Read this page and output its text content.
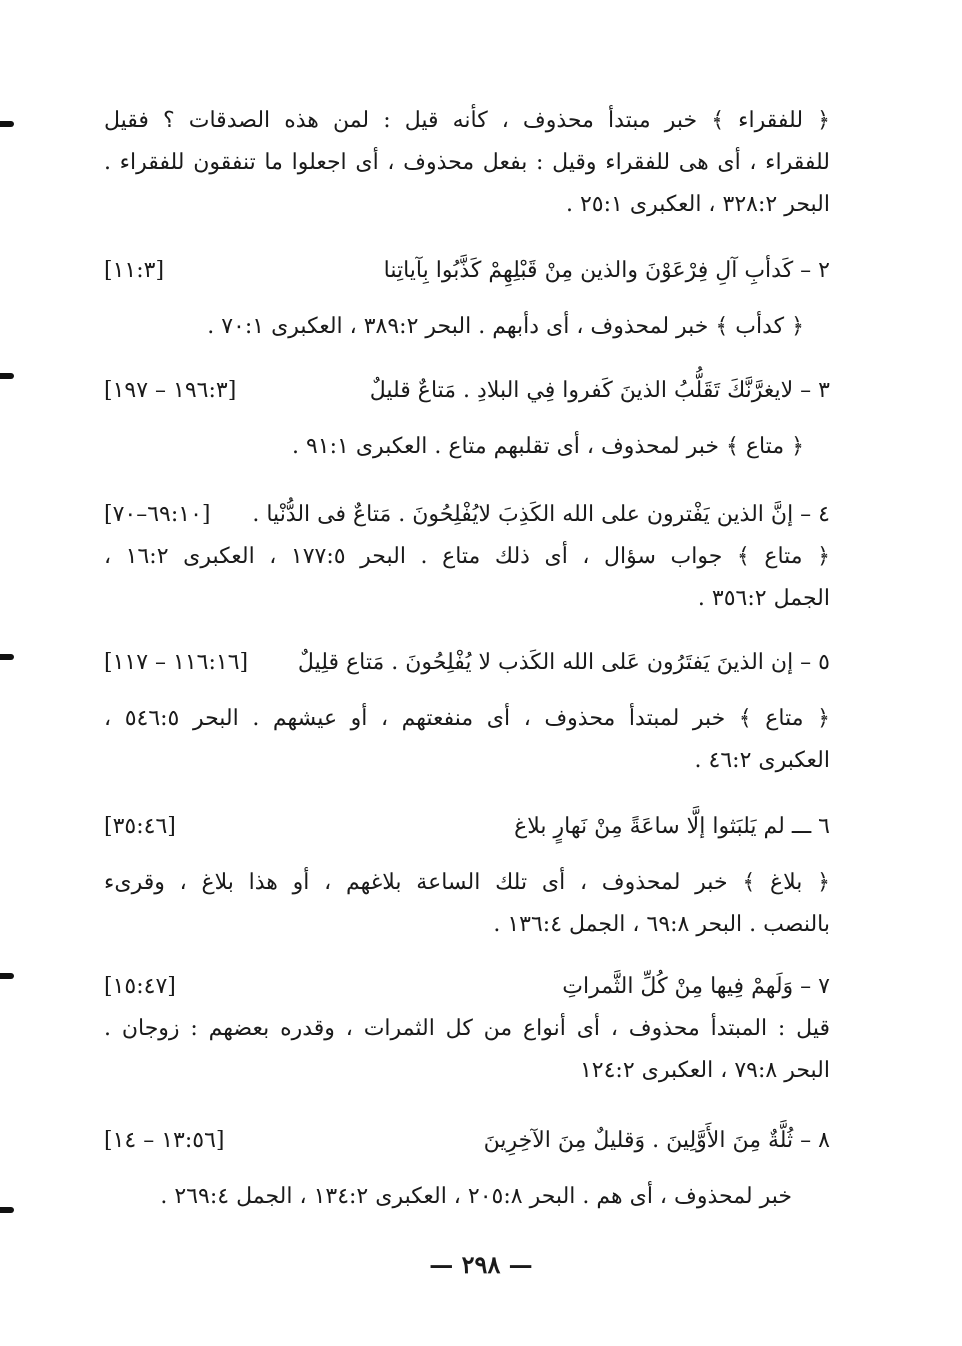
﴿ للفقراء ﴾ خبر مبتدأ محذوف ، كأنه قيل : لمن هذه الصدقات ؟ فقيل
للفقراء ، أى هى للفقراء وقيل : بفعل محذوف ، أى اجعلوا ما تنفقون للفقراء .
البحر ٣٢٨:٢ ، العكبرى ٢٥:١ .
٢ – كَدأبِ آلِ فِرْعَوْنَ والذين مِنْ قَبْلِهِمْ كَذَّبُوا بِآياتِنا
[١١:٣]
﴿ كدأب ﴾ خبر لمحذوف ، أى دأبهم . البحر ٣٨٩:٢ ، العكبرى ٧٠:١ .
٣ – لايغرَّنَّكَ تَقَلُّبُ الذينَ كَفروا فِي البلادِ . مَتاعٌ قليلٌ
[١٩٦:٣ – ١٩٧]
﴿ متاع ﴾ خبر لمحذوف ، أى تقلبهم متاع . العكبرى ٩١:١ .
٤ – إنَّ الذين يَفْترون على الله الكَذِبَ لايُفْلِحُونَ . مَتاعٌ فى الدُّنْيا .
[٦٩:١٠–٧٠]
﴿ متاع ﴾ جواب سؤال ، أى ذلك متاع . البحر ١٧٧:٥ ، العكبرى ١٦:٢ ،
الجمل ٣٥٦:٢ .
٥ – إن الذينَ يَفتَرُون عَلى الله الكَذب لا يُفْلِحُونَ . مَتاع قلِيلٌ
[١١٦:١٦ – ١١٧]
﴿ متاع ﴾ خبر لمبتدأ محذوف ، أى منفعتهم ، أو عيشهم . البحر ٥٤٦:٥ ،
العكبرى ٤٦:٢ .
٦ ـــ لم يَلبَثوا إلَّا ساعَةً مِنْ نَهارٍ بلاغ
[٣٥:٤٦]
﴿ بلاغ ﴾ خبر لمحذوف ، أى تلك الساعة بلاغهم ، أو هذا بلاغ ، وقرىء
بالنصب . البحر ٦٩:٨ ، الجمل ١٣٦:٤ .
٧ – وَلَهمْ فِيها مِنْ كُلِّ الثَّمراتِ
[١٥:٤٧]
قيل : المبتدأ محذوف ، أى أنواع من كل الثمرات ، وقدره بعضهم : زوجان .
البحر ٧٩:٨ ، العكبرى ١٢٤:٢
٨ – ثُلَّةٌ مِنَ الأَوَّلِينَ . وَقليلٌ مِنَ الآخِرِينَ
[١٣:٥٦ – ١٤]
خبر لمحذوف ، أى هم . البحر ٢٠٥:٨ ، العكبرى ١٣٤:٢ ، الجمل ٢٦٩:٤ .
— ٢٩٨ —
